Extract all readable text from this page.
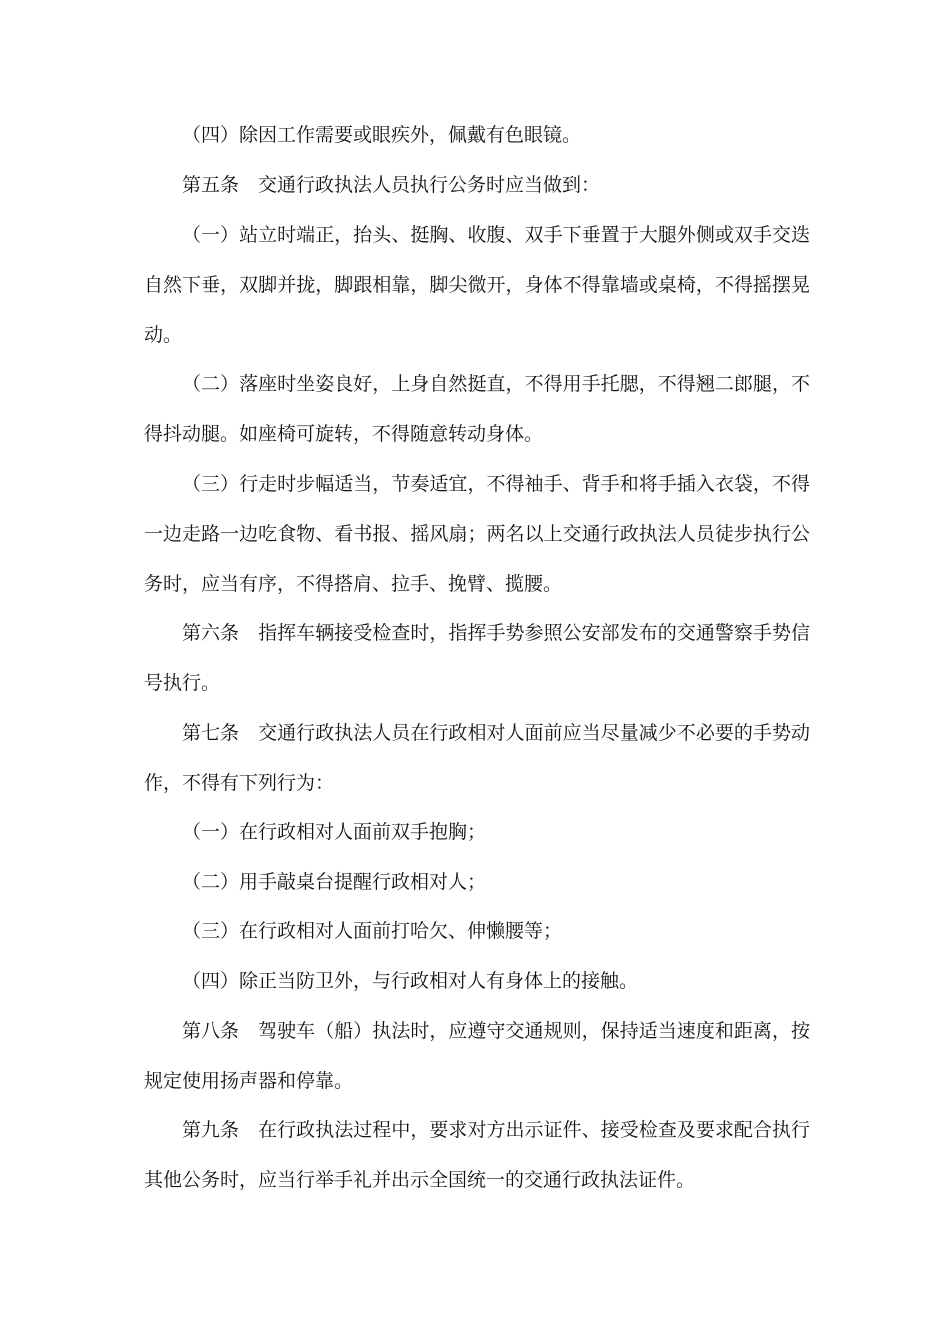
（四）除因工作需要或眼疾外，佩戴有色眼镜。

第五条　交通行政执法人员执行公务时应当做到：

（一）站立时端正，抬头、挺胸、收腹、双手下垂置于大腿外侧或双手交迭自然下垂，双脚并拢，脚跟相靠，脚尖微开，身体不得靠墙或桌椅，不得摇摆晃动。

（二）落座时坐姿良好，上身自然挺直，不得用手托腮，不得翘二郎腿，不得抖动腿。如座椅可旋转，不得随意转动身体。

（三）行走时步幅适当，节奏适宜，不得袖手、背手和将手插入衣袋，不得一边走路一边吃食物、看书报、摇风扇；两名以上交通行政执法人员徒步执行公务时，应当有序，不得搭肩、拉手、挽臂、揽腰。

第六条　指挥车辆接受检查时，指挥手势参照公安部发布的交通警察手势信号执行。

第七条　交通行政执法人员在行政相对人面前应当尽量减少不必要的手势动作，不得有下列行为：

（一）在行政相对人面前双手抱胸；

（二）用手敲桌台提醒行政相对人；

（三）在行政相对人面前打哈欠、伸懒腰等；

（四）除正当防卫外，与行政相对人有身体上的接触。

第八条　驾驶车（船）执法时，应遵守交通规则，保持适当速度和距离，按规定使用扬声器和停靠。

第九条　在行政执法过程中，要求对方出示证件、接受检查及要求配合执行其他公务时，应当行举手礼并出示全国统一的交通行政执法证件。
